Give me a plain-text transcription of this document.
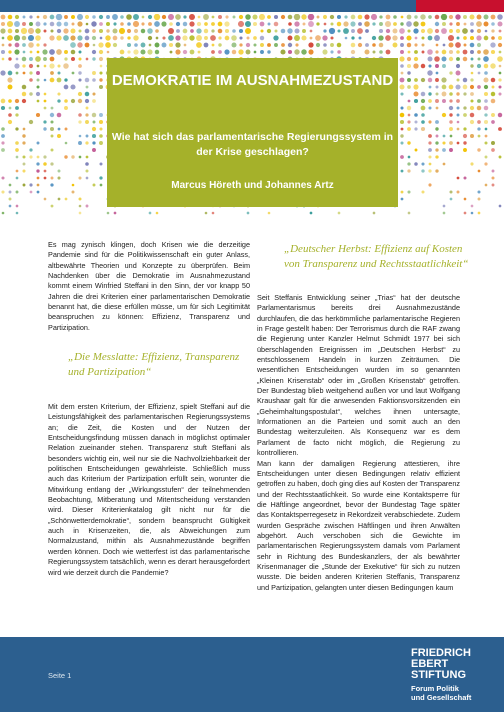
DEMOKRATIE IM AUSNAHMEZUSTAND
Wie hat sich das parlamentarische Regierungssystem in der Krise geschlagen?
Marcus Höreth und Johannes Artz

Es mag zynisch klingen, doch Krisen wie die derzeitige Pandemie sind für die Politikwissenschaft ein guter Anlass, altbewährte Theorien und Konzepte zu überprüfen. Beim Nachdenken über die Demokratie im Ausnahmezustand kommt einem Winfried Steffani in den Sinn, der vor knapp 50 Jahren die drei Kriterien einer parlamentarischen Demokratie benannt hat, die diese erfüllen müsse, um für sich Legitimität beanspruchen zu können: Effizienz, Transparenz und Partizipation.

„Die Messlatte: Effizienz, Transparenz und Partizipation“

Mit dem ersten Kriterium, der Effizienz, spielt Steffani auf die Leistungsfähigkeit des parlamentarischen Regierungssystems an; die Zeit, die Kosten und der Nutzen der Entscheidungsfindung müssen danach in möglichst optimaler Relation zueinander stehen. Transparenz stuft Steffani als besonders wichtig ein, weil nur sie die Nachvollziehbarkeit der politischen Entscheidungen gewährleiste. Schließlich muss auch das Kriterium der Partizipation erfüllt sein, worunter die Mitwirkung entlang der „Wirkungsstufen“ der teilnehmenden Beobachtung, Mitberatung und Mitentscheidung verstanden wird. Dieser Kriterienkatalog gilt nicht nur für die „Schönwetterdemokratie“, sondern beansprucht Gültigkeit auch in Krisenzeiten, die, als Abweichungen zum Normalzustand, mithin als Ausnahmezustände begriffen werden können. Doch wie wetterfest ist das parlamentarische Regierungssystem tatsächlich, wenn es derart herausgefordert wird wie derzeit durch die Pandemie?

„Deutscher Herbst: Effizienz auf Kosten von Transparenz und Rechtsstaatlichkeit“

Seit Steffanis Entwicklung seiner „Trias“ hat der deutsche Parlamentarismus bereits drei Ausnahmezustände durchlaufen, die das herkömmliche parlamentarische Regieren in Frage gestellt haben: Der Terrorismus durch die RAF zwang die Regierung unter Kanzler Helmut Schmidt 1977 bei sich überschlagenden Ereignissen im „Deutschen Herbst“ zu entschlossenem Handeln in kurzen Zeiträumen. Die wesentlichen Entscheidungen wurden im so genannten „Kleinen Krisenstab“ oder im „Großen Krisenstab“ getroffen. Der Bundestag blieb weitgehend außen vor und laut Wolfgang Kraushaar galt für die anwesenden Faktionsvorsitzenden ein „Geheimhaltungspostulat“, welches ihnen untersagte, Informationen an die Parteien und somit auch an den Bundestag weiterzuleiten. Als Konsequenz war es dem Parlament de facto nicht möglich, die Regierung zu kontrollieren.

Man kann der damaligen Regierung attestieren, ihre Entscheidungen unter diesen Bedingungen relativ effizient getroffen zu haben, doch ging dies auf Kosten der Transparenz und der Rechtsstaatlichkeit. So wurde eine Kontaktsperre für die Häftlinge angeordnet, bevor der Bundestag Tage später das Kontaktsperregesetz in Rekordzeit verabschiedete. Zudem wurden Gespräche zwischen Häftlingen und ihren Anwälten abgehört. Auch verschoben sich die Gewichte im parlamentarischen Regierungssystem damals vom Parlament sehr in Richtung des Bundeskanzlers, der als bewährter Krisenmanager die „Stunde der Exekutive“ für sich zu nutzen wusste. Die beiden anderen Kriterien Steffanis, Transparenz und Partizipation, gelangten unter diesen Bedingungen kaum

Seite 1
FRIEDRICH
EBERT
STIFTUNG
Forum Politik
und Gesellschaft
